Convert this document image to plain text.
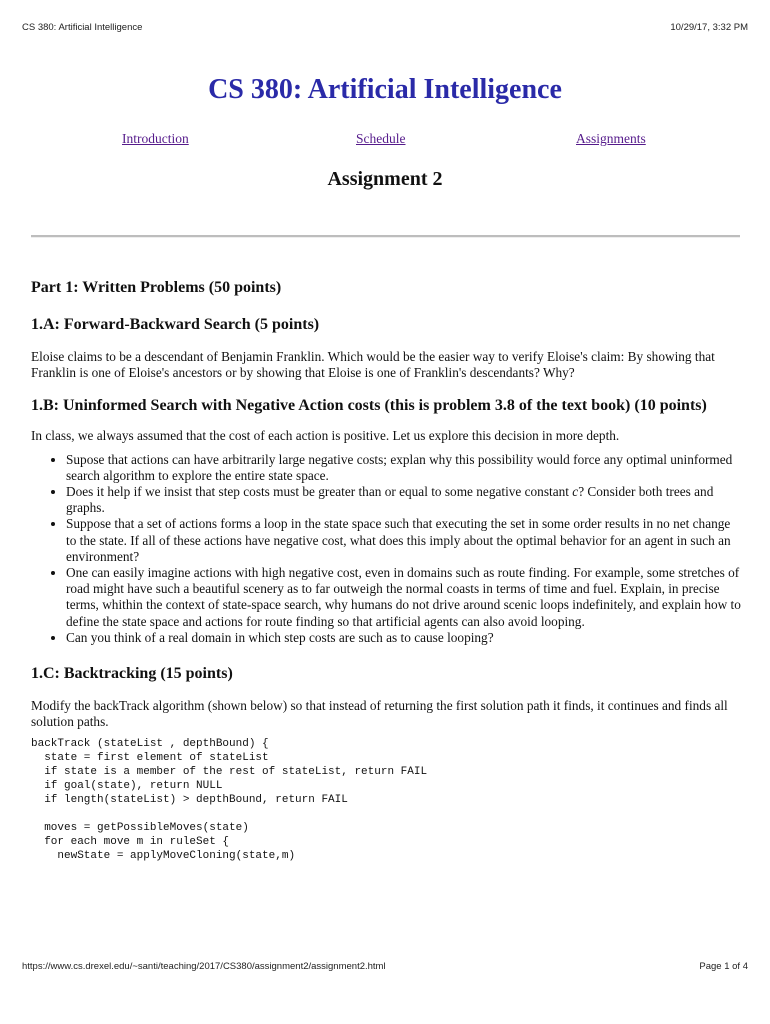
CS 380: Artificial Intelligence	10/29/17, 3:32 PM
CS 380: Artificial Intelligence
Introduction	Schedule	Assignments
Assignment 2
Part 1: Written Problems (50 points)
1.A: Forward-Backward Search (5 points)

Eloise claims to be a descendant of Benjamin Franklin. Which would be the easier way to verify Eloise's claim: By showing that Franklin is one of Eloise's ancestors or by showing that Eloise is one of Franklin's descendants? Why?

1.B: Uninformed Search with Negative Action costs (this is problem 3.8 of the text book) (10 points)

In class, we always assumed that the cost of each action is positive. Let us explore this decision in more depth.

• Supose that actions can have arbitrarily large negative costs; explan why this possibility would force any optimal uninformed search algorithm to explore the entire state space.
• Does it help if we insist that step costs must be greater than or equal to some negative constant c? Consider both trees and graphs.
• Suppose that a set of actions forms a loop in the state space such that executing the set in some order results in no net change to the state. If all of these actions have negative cost, what does this imply about the optimal behavior for an agent in such an environment?
• One can easily imagine actions with high negative cost, even in domains such as route finding. For example, some stretches of road might have such a beautiful scenery as to far outweigh the normal coasts in terms of time and fuel. Explain, in precise terms, whithin the context of state-space search, why humans do not drive around scenic loops indefinitely, and explain how to define the state space and actions for route finding so that artificial agents can also avoid looping.
• Can you think of a real domain in which step costs are such as to cause looping?
1.C: Backtracking (15 points)

Modify the backTrack algorithm (shown below) so that instead of returning the first solution path it finds, it continues and finds all solution paths.

backTrack (stateList , depthBound) {
state = first element of stateList
if state is a member of the rest of stateList, return FAIL
if goal(state), return NULL
if length(stateList) > depthBound, return FAIL

moves = getPossibleMoves(state)
for each move m in ruleSet {
newState = applyMoveCloning(state,m)
https://www.cs.drexel.edu/~santi/teaching/2017/CS380/assignment2/assignment2.html	Page 1 of 4
